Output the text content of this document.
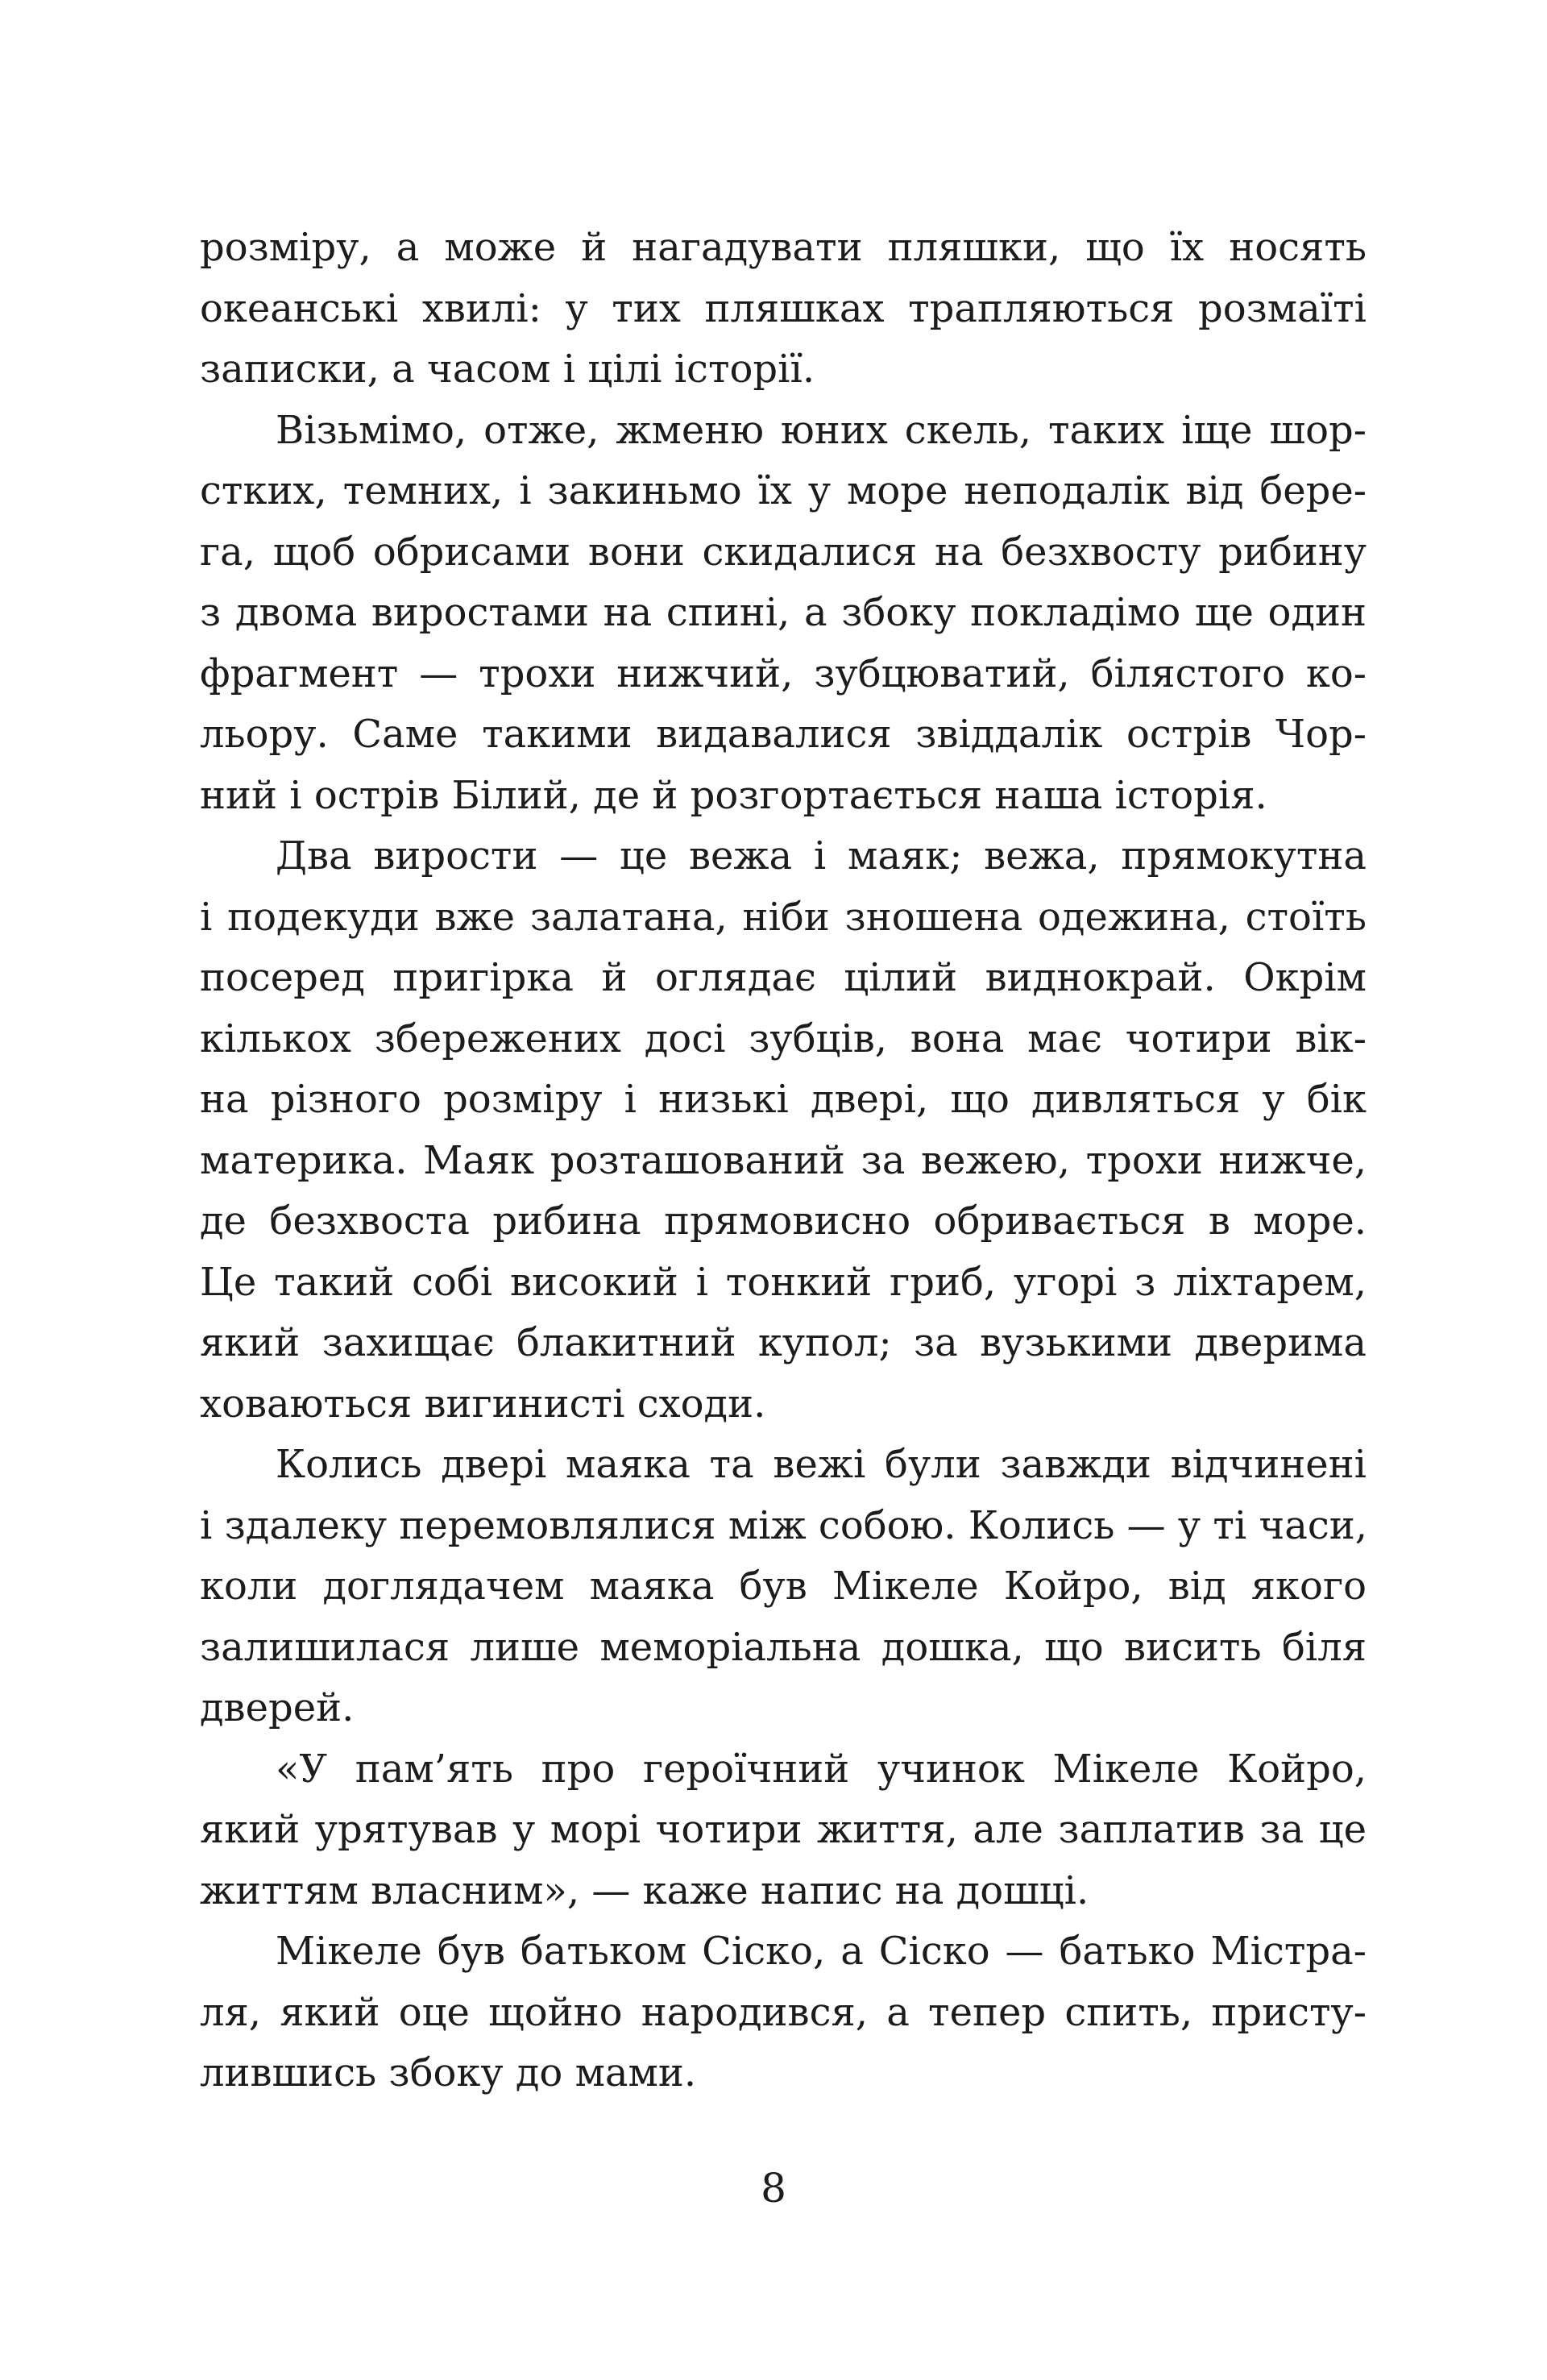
розміру, а може й нагадувати пляшки, що їх носять
океанські хвилі: у тих пляшках трапляються розмаїті
записки, а часом і цілі історії.
Візьмімо, отже, жменю юних скель, таких іще шор-
стких, темних, і закиньмо їх у море неподалік від бере-
га, щоб обрисами вони скидалися на безхвосту рибину
з двома виростами на спині, а збоку покладімо ще один
фрагмент — трохи нижчий, зубцюватий, білястого ко-
льору. Саме такими видавалися звіддалік острів Чор-
ний і острів Білий, де й розгортається наша історія.
Два вирости — це вежа і маяк; вежа, прямокутна
і подекуди вже залатана, ніби зношена одежина, стоїть
посеред пригірка й оглядає цілий виднокрай. Окрім
кількох збережених досі зубців, вона має чотири вік-
на різного розміру і низькі двері, що дивляться у бік
материка. Маяк розташований за вежею, трохи нижче,
де безхвоста рибина прямовисно обривається в море.
Це такий собі високий і тонкий гриб, угорі з ліхтарем,
який захищає блакитний купол; за вузькими дверима
ховаються вигинисті сходи.
Колись двері маяка та вежі були завжди відчинені
і здалеку перемовлялися між собою. Колись — у ті часи,
коли доглядачем маяка був Мікеле Койро, від якого
залишилася лише меморіальна дошка, що висить біля
дверей.
«У пам’ять про героїчний учинок Мікеле Койро,
який урятував у морі чотири життя, але заплатив за це
життям власним», — каже напис на дошці.
Мікеле був батьком Сіско, а Сіско — батько Містра-
ля, який оце щойно народився, а тепер спить, присту-
лившись збоку до мами.
8
